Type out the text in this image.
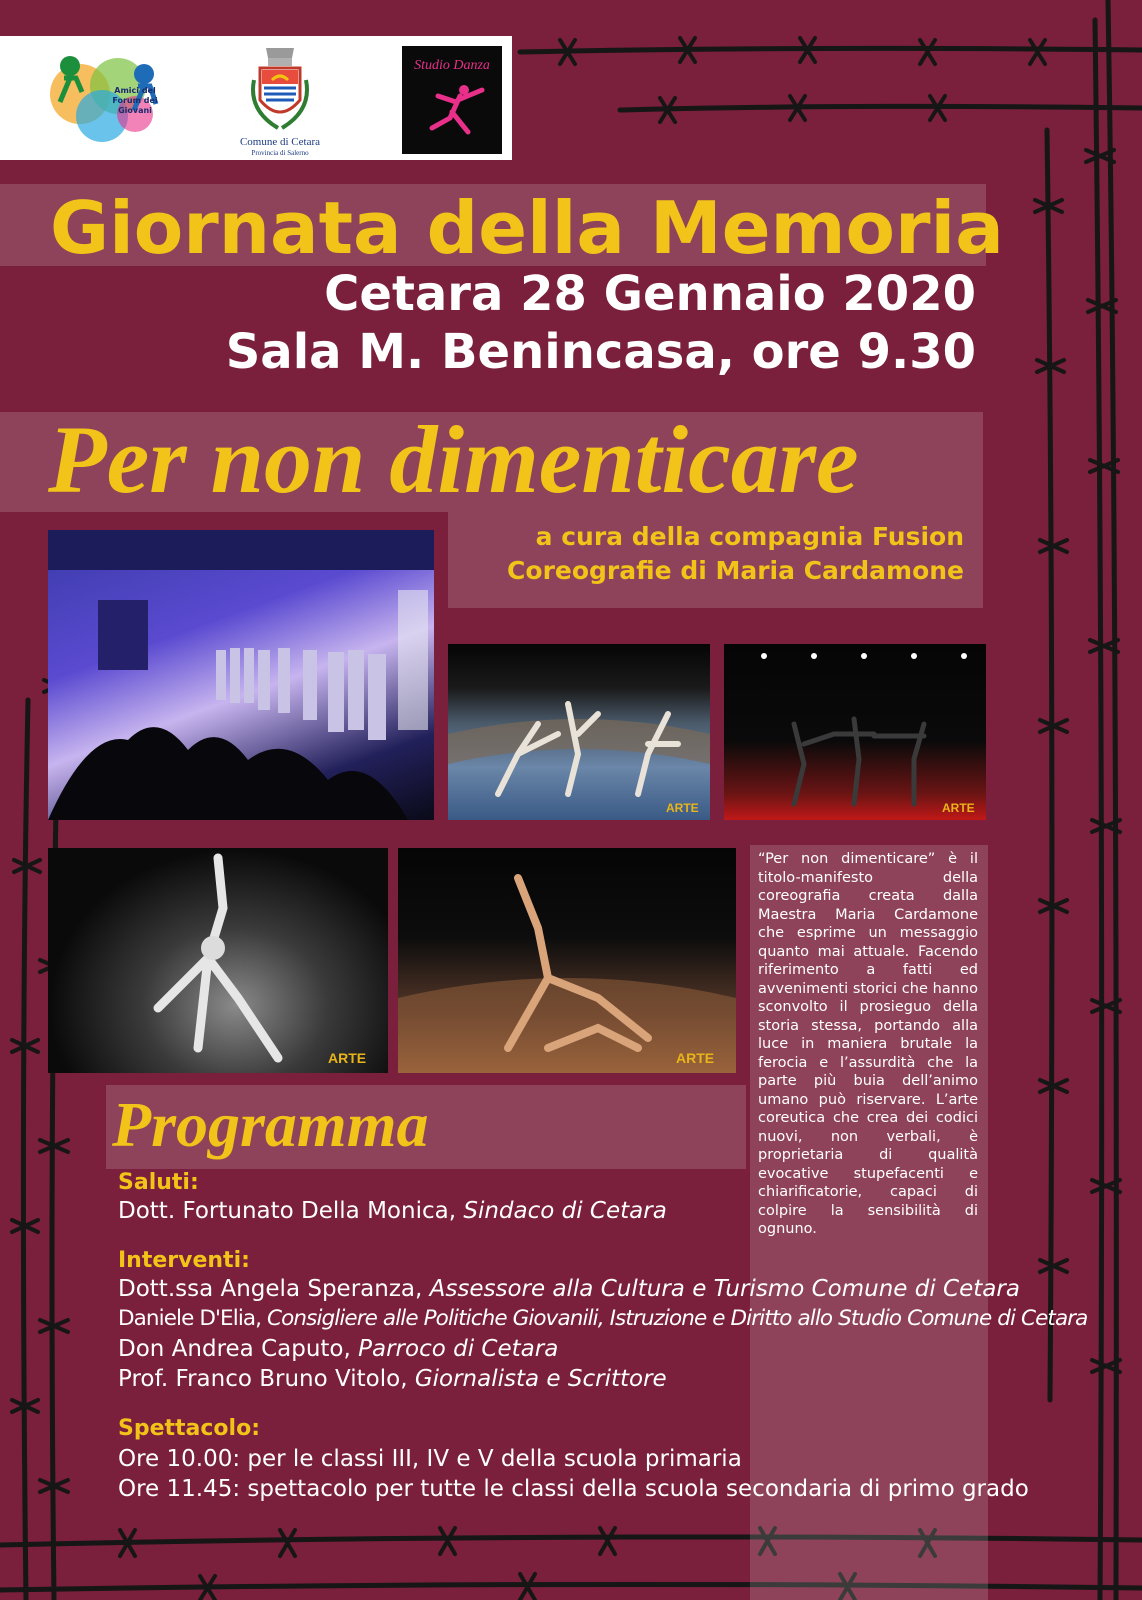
Amici del Forum dei Giovani
Comune di Cetara
Provincia di Salerno
Studio Danza
Giornata della Memoria
Cetara 28 Gennaio 2020
Sala M. Benincasa, ore 9.30
Per non dimenticare
a cura della compagnia Fusion
Coreografie di Maria Cardamone
ARTE	ARTE
ARTE	ARTE
“Per non dimenticare” è il titolo-manifesto della coreografia creata dalla Maestra Maria Cardamone che esprime un messaggio quanto mai attuale. Facendo riferimento a fatti ed avvenimenti storici che hanno sconvolto il prosieguo della storia stessa, portando alla luce in maniera brutale la ferocia e l’assurdità che la parte più buia dell’animo umano può riservare. L’arte coreutica che crea dei codici nuovi, non verbali, è proprietaria di qualità evocative stupefacenti e chiarificatorie, capaci di colpire la sensibilità di ognuno.
Programma
Saluti:
Dott. Fortunato Della Monica, Sindaco di Cetara
Interventi:
Dott.ssa Angela Speranza, Assessore alla Cultura e Turismo Comune di Cetara
Daniele D'Elia, Consigliere alle Politiche Giovanili, Istruzione e Diritto allo Studio Comune di Cetara
Don Andrea Caputo, Parroco di Cetara
Prof. Franco Bruno Vitolo, Giornalista e Scrittore
Spettacolo:
Ore 10.00: per le classi III, IV e V della scuola primaria
Ore 11.45: spettacolo per tutte le classi della scuola secondaria di primo grado
